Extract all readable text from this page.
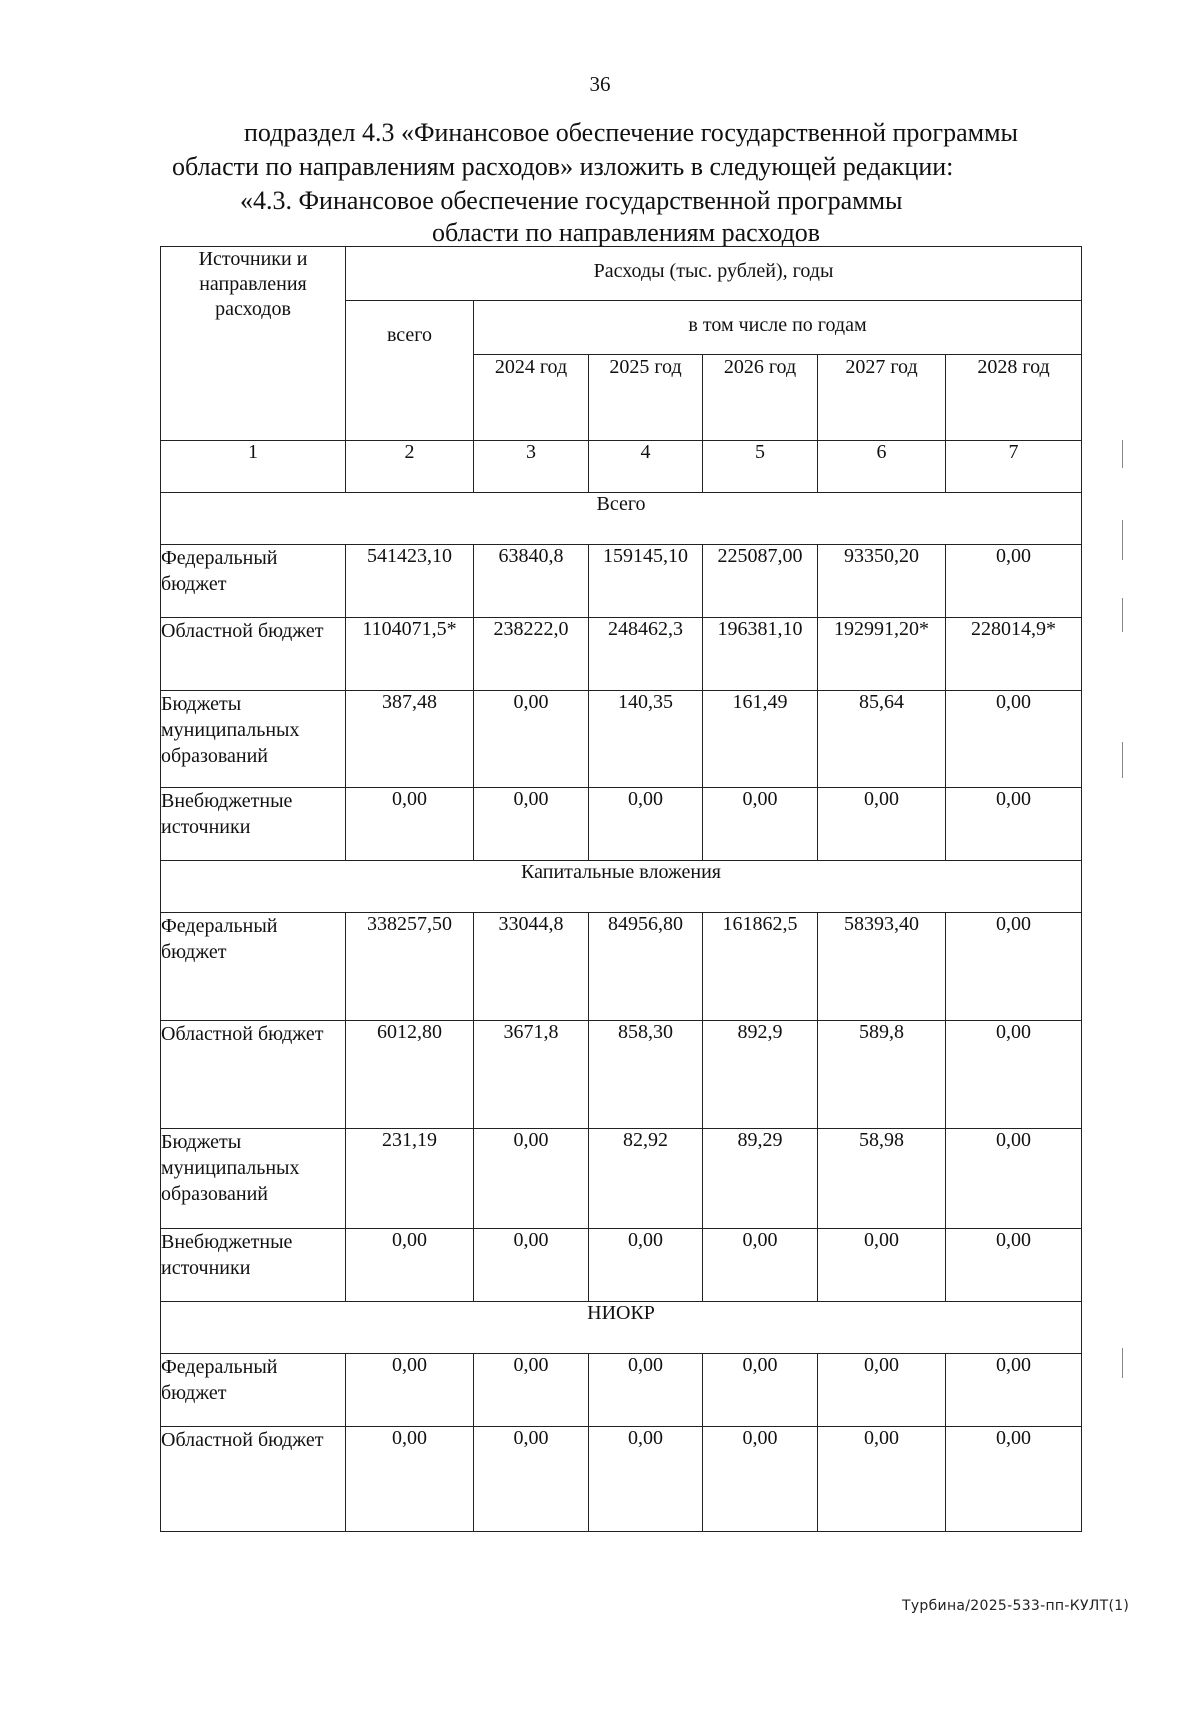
36
подраздел 4.3 «Финансовое обеспечение государственной программы
области по направлениям расходов» изложить в следующей редакции:
«4.3. Финансовое обеспечение государственной программы
области по направлениям расходов
Источники и направления расходов	Расходы (тыс. рублей), годы					
	всего	в том числе по годам				
		2024 год	2025 год	2026 год	2027 год	2028 год
1	2	3	4	5	6	7
Всего						
Федеральный бюджет	541423,10	63840,8	159145,10	225087,00	93350,20	0,00
Областной бюджет	1104071,5*	238222,0	248462,3	196381,10	192991,20*	228014,9*
Бюджеты муниципальных образований	387,48	0,00	140,35	161,49	85,64	0,00
Внебюджетные источники	0,00	0,00	0,00	0,00	0,00	0,00
Капитальные вложения						
Федеральный бюджет	338257,50	33044,8	84956,80	161862,5	58393,40	0,00
Областной бюджет	6012,80	3671,8	858,30	892,9	589,8	0,00
Бюджеты муниципальных образований	231,19	0,00	82,92	89,29	58,98	0,00
Внебюджетные источники	0,00	0,00	0,00	0,00	0,00	0,00
НИОКР						
Федеральный бюджет	0,00	0,00	0,00	0,00	0,00	0,00
Областной бюджет	0,00	0,00	0,00	0,00	0,00	0,00
Турбина/2025-533-пп-КУЛТ(1)
